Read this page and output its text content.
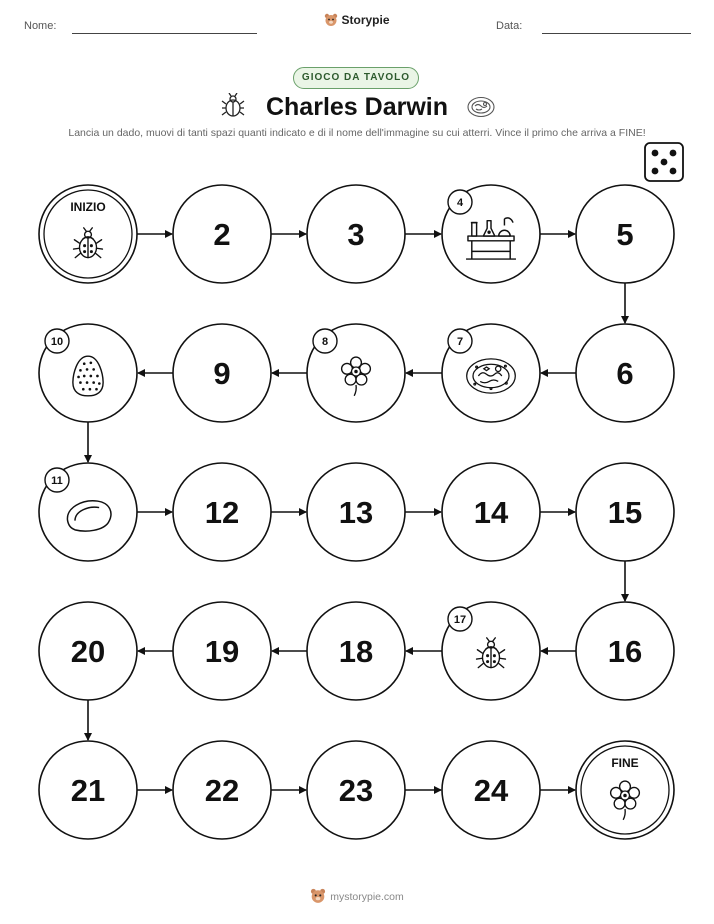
Nome:	Storypie	Data:
GIOCO DA TAVOLO
Charles Darwin
Lancia un dado, muovi di tanti spazi quanti indicato e di il nome dell'immagine su cui atterri. Vince il primo che arriva a FINE!
INIZIO
2	3
4
5
6
7
8
9
10
11
12	13	14	15
16
17
18
19
20
21	22	23	24
FINE
mystorypie.com
